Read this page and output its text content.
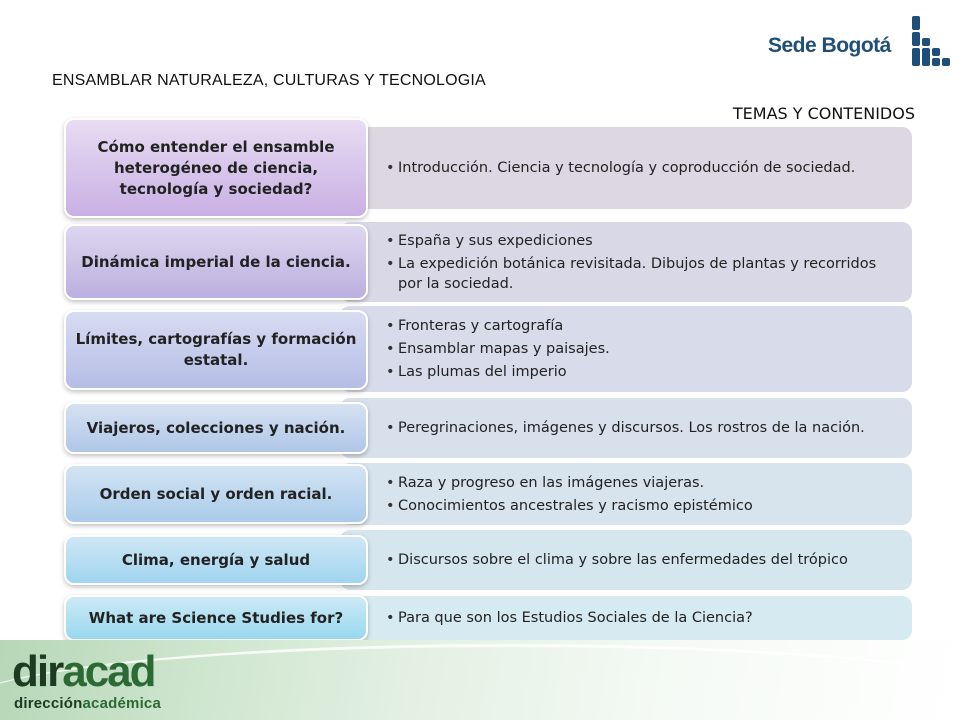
Sede Bogotá
ENSAMBLAR NATURALEZA, CULTURAS Y TECNOLOGIA
TEMAS Y CONTENIDOS
• Introducción. Ciencia y tecnología y coproducción de sociedad.
Cómo entender el ensamble heterogéneo de ciencia, tecnología y sociedad?
• España y sus expediciones
• La expedición botánica revisitada. Dibujos de plantas y recorridos por la sociedad.
Dinámica imperial de la ciencia.
• Fronteras y cartografía
• Ensamblar mapas y paisajes.
• Las plumas del imperio
Límites, cartografías y formación estatal.
• Peregrinaciones, imágenes y discursos. Los rostros de la nación.
Viajeros, colecciones y nación.
• Raza y progreso en las imágenes viajeras.
• Conocimientos ancestrales y racismo epistémico
Orden social y orden racial.
• Discursos sobre el clima y sobre las enfermedades del trópico
Clima, energía y salud
• Para que son los Estudios Sociales de la Ciencia?
What are Science Studies for?
diracad
direcciónacadémica
